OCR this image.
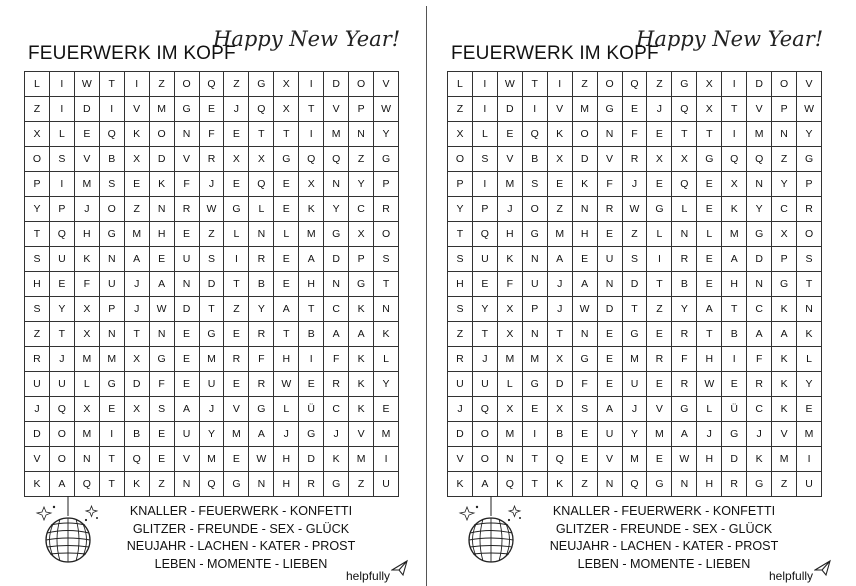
FEUERWERK IM KOPF
Happy New Year!
L	I	W	T	I	Z	O	Q	Z	G	X	I	D	O	V
Z	I	D	I	V	M	G	E	J	Q	X	T	V	P	W
X	L	E	Q	K	O	N	F	E	T	T	I	M	N	Y
O	S	V	B	X	D	V	R	X	X	G	Q	Q	Z	G
P	I	M	S	E	K	F	J	E	Q	E	X	N	Y	P
Y	P	J	O	Z	N	R	W	G	L	E	K	Y	C	R
T	Q	H	G	M	H	E	Z	L	N	L	M	G	X	O
S	U	K	N	A	E	U	S	I	R	E	A	D	P	S
H	E	F	U	J	A	N	D	T	B	E	H	N	G	T
S	Y	X	P	J	W	D	T	Z	Y	A	T	C	K	N
Z	T	X	N	T	N	E	G	E	R	T	B	A	A	K
R	J	M	M	X	G	E	M	R	F	H	I	F	K	L
U	U	L	G	D	F	E	U	E	R	W	E	R	K	Y
J	Q	X	E	X	S	A	J	V	G	L	Ü	C	K	E
D	O	M	I	B	E	U	Y	M	A	J	G	J	V	M
V	O	N	T	Q	E	V	M	E	W	H	D	K	M	I
K	A	Q	T	K	Z	N	Q	G	N	H	R	G	Z	U
KNALLER - FEUERWERK - KONFETTI
GLITZER - FREUNDE - SEX - GLÜCK
NEUJAHR - LACHEN - KATER - PROST
LEBEN - MOMENTE - LIEBEN
helpfully
FEUERWERK IM KOPF
Happy New Year!
L	I	W	T	I	Z	O	Q	Z	G	X	I	D	O	V
Z	I	D	I	V	M	G	E	J	Q	X	T	V	P	W
X	L	E	Q	K	O	N	F	E	T	T	I	M	N	Y
O	S	V	B	X	D	V	R	X	X	G	Q	Q	Z	G
P	I	M	S	E	K	F	J	E	Q	E	X	N	Y	P
Y	P	J	O	Z	N	R	W	G	L	E	K	Y	C	R
T	Q	H	G	M	H	E	Z	L	N	L	M	G	X	O
S	U	K	N	A	E	U	S	I	R	E	A	D	P	S
H	E	F	U	J	A	N	D	T	B	E	H	N	G	T
S	Y	X	P	J	W	D	T	Z	Y	A	T	C	K	N
Z	T	X	N	T	N	E	G	E	R	T	B	A	A	K
R	J	M	M	X	G	E	M	R	F	H	I	F	K	L
U	U	L	G	D	F	E	U	E	R	W	E	R	K	Y
J	Q	X	E	X	S	A	J	V	G	L	Ü	C	K	E
D	O	M	I	B	E	U	Y	M	A	J	G	J	V	M
V	O	N	T	Q	E	V	M	E	W	H	D	K	M	I
K	A	Q	T	K	Z	N	Q	G	N	H	R	G	Z	U
KNALLER - FEUERWERK - KONFETTI
GLITZER - FREUNDE - SEX - GLÜCK
NEUJAHR - LACHEN - KATER - PROST
LEBEN - MOMENTE - LIEBEN
helpfully
